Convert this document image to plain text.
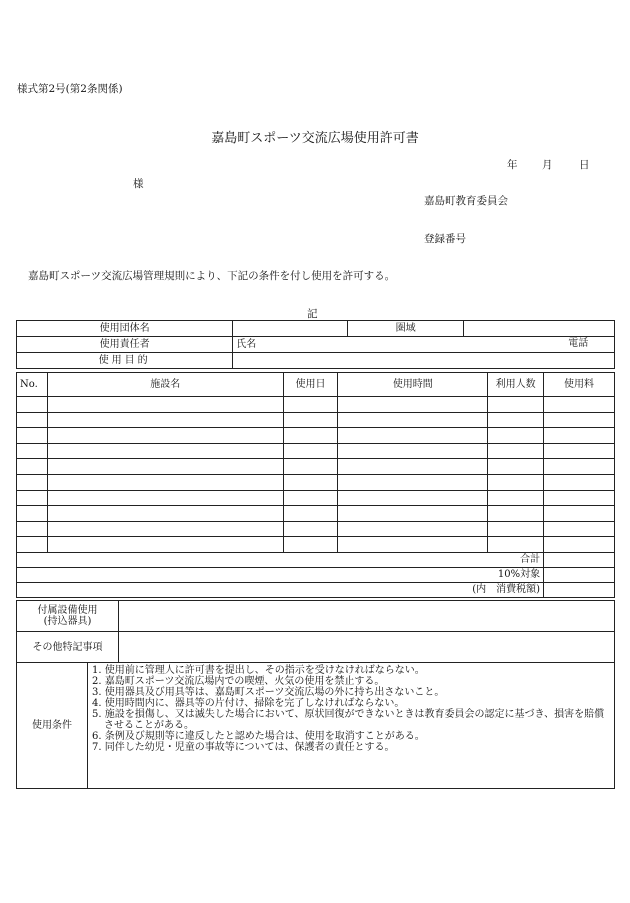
様式第2号(第2条関係)
嘉島町スポーツ交流広場使用許可書
年 月	日
様
嘉島町教育委員会
登録番号
嘉島町スポーツ交流広場管理規則により、下記の条件を付し使用を許可する。
記
使用団体名		圏域	
使用責任者	氏名 電話		

使用目的			
No.	施設名	使用日	使用時間	利用人数	使用料

合計					
10%対象					
(内　消費税額)					
付属設備使用
(持込器具)	

その他特記事項	
使用条件	
1. 使用前に管理人に許可書を提出し、その指示を受けなければならない。
2. 嘉島町スポーツ交流広場内での喫煙、火気の使用を禁止する。
3. 使用器具及び用具等は、嘉島町スポーツ交流広場の外に持ち出さないこと。
4. 使用時間内に、器具等の片付け、掃除を完了しなければならない。
5. 施設を損傷し、又は滅失した場合において、原状回復ができないときは教育委員会の認定に基づき、損害を賠償させることがある。
6. 条例及び規則等に違反したと認めた場合は、使用を取消すことがある。
7. 同伴した幼児・児童の事故等については、保護者の責任とする。
